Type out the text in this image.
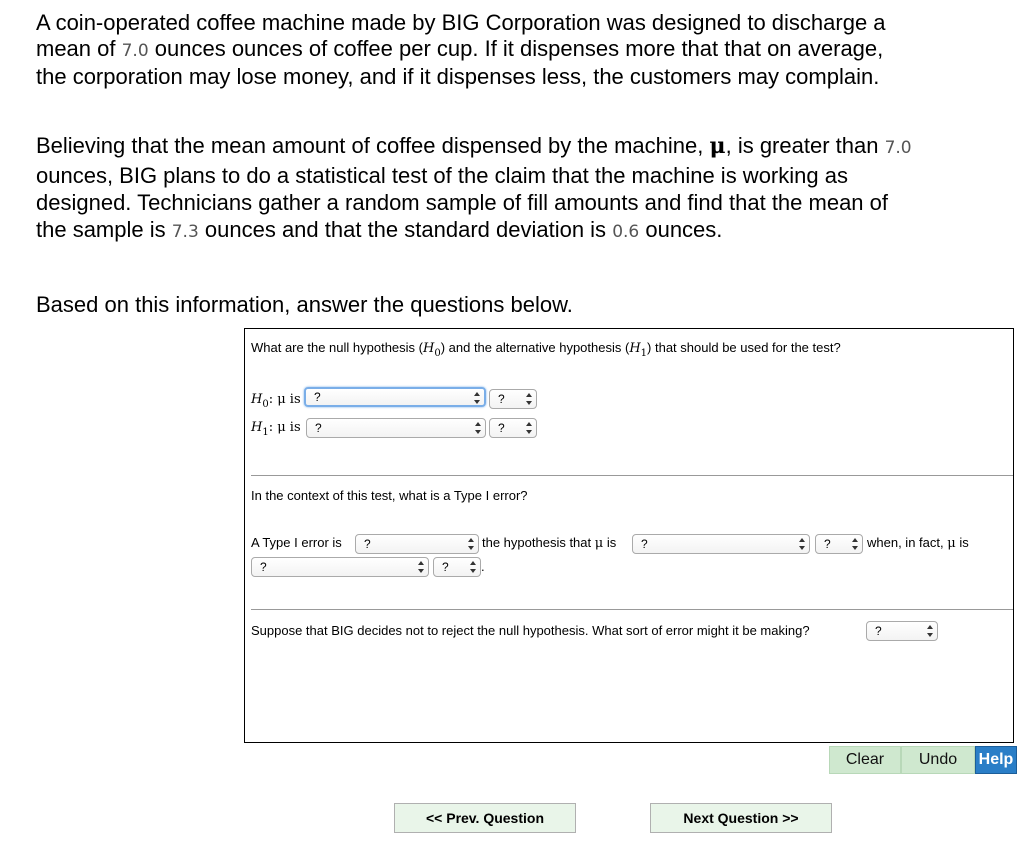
A coin-operated coffee machine made by BIG Corporation was designed to discharge a mean of 7.0 ounces ounces of coffee per cup. If it dispenses more that that on average, the corporation may lose money, and if it dispenses less, the customers may complain.

Believing that the mean amount of coffee dispensed by the machine, μ, is greater than 7.0 ounces, BIG plans to do a statistical test of the claim that the machine is working as designed. Technicians gather a random sample of fill amounts and find that the mean of the sample is 7.3 ounces and that the standard deviation is 0.6 ounces.

Based on this information, answer the questions below.

What are the null hypothesis $(H_0)$ and the alternative hypothesis $(H_1)$ that should be used for the test?
$H_0$: μ is	?	?
$H_1$: μ is	?	?
In the context of this test, what is a Type I error?
A Type I error is	?	the hypothesis that μ is	?	?	when, in fact, μ is
?	?	.
Suppose that BIG decides not to reject the null hypothesis. What sort of error might it be making?	?
Clear	Undo	Help
<< Prev. Question	Next Question >>
